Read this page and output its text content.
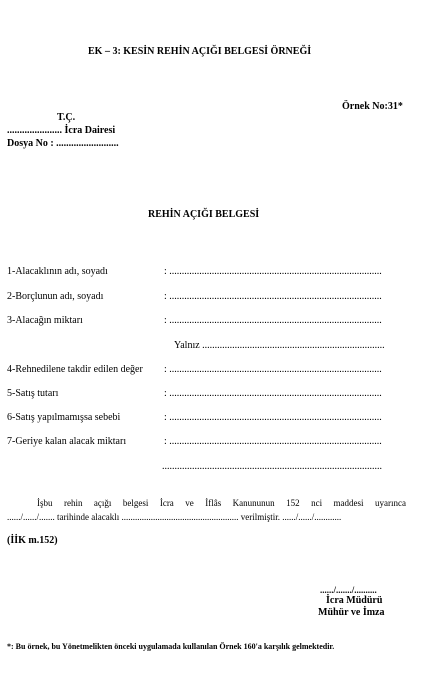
EK – 3: KESİN REHİN AÇIĞI BELGESİ ÖRNEĞİ
Örnek No:31*
T.Ç.
...................... İcra Dairesi
Dosya No : .........................
REHİN AÇIĞI BELGESİ
1-Alacaklının adı, soyadı	: .....................................................................................
2-Borçlunun adı, soyadı	: .....................................................................................
3-Alacağın miktarı	: .....................................................................................
Yalnız .........................................................................
4-Rehnedilene takdir edilen değer : .....................................................................................
5-Satış tutarı	: .....................................................................................
6-Satış yapılmamışsa sebebi	: .....................................................................................
7-Geriye kalan alacak miktarı	: .....................................................................................
........................................................................................
İşbu rehin açığı belgesi İcra ve İflâs Kanununun 152 nci maddesi uyarınca
....../....../....... tarihinde alacaklı .................................................... verilmiştir. ....../....../............
(İİK m.152)
....../......./..........
İcra Müdürü
Mühür ve İmza
*: Bu örnek, bu Yönetmelikten önceki uygulamada kullanılan Örnek 160'a karşılık gelmektedir.
